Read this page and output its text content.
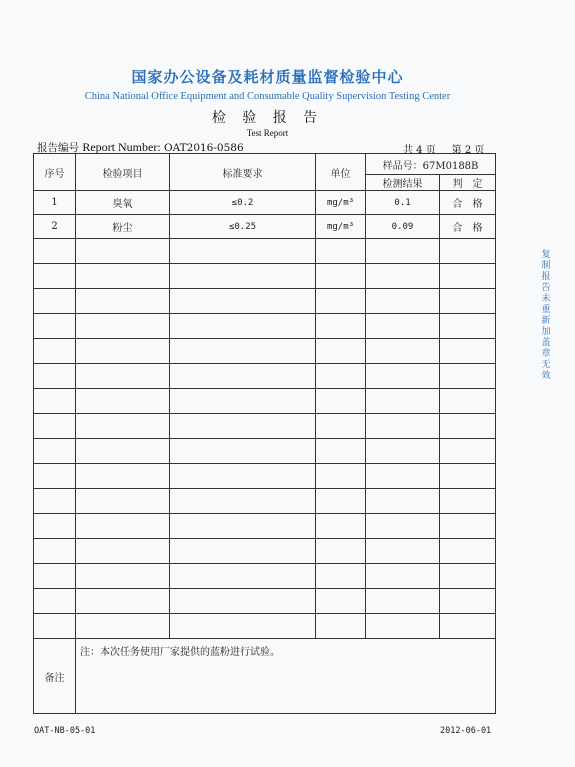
国家办公设备及耗材质量监督检验中心
China National Office Equipment and Consumable Quality Supervision Testing Center
检 验 报 告
Test Report
报告编号 Report Number: OAT2016-0586	共 4 页 第 2 页
序号	检验项目	标准要求	单位	样品号：67M0188B	
				检测结果	判　定
1	臭氧	≤0.2	mg/m³	0.1	合　格
2	粉尘	≤0.25	mg/m³	0.09	合　格

备注	注：本次任务使用厂家提供的蓝粉进行试验。				
复制报告未重新加盖章无效
OAT-NB-05-01	2012-06-01
